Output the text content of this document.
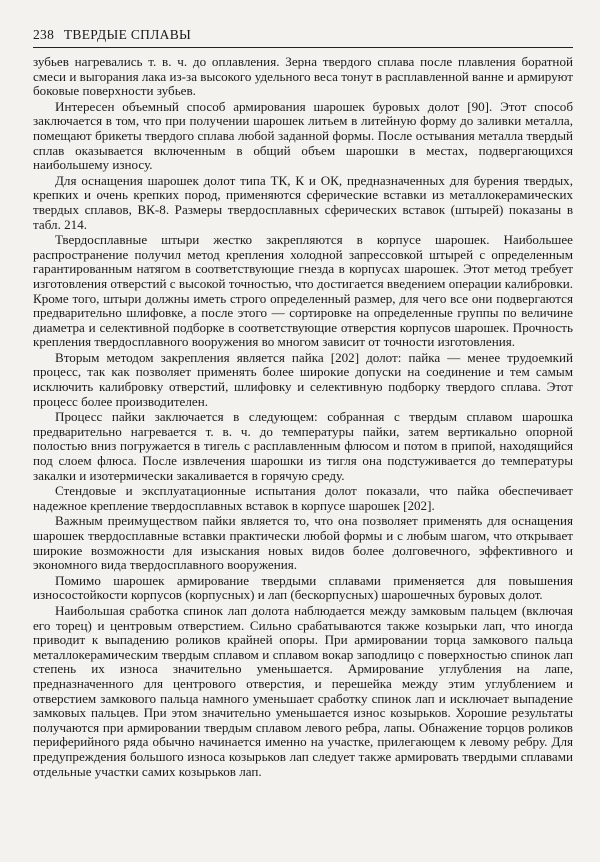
238 ТВЕРДЫЕ СПЛАВЫ

зубьев нагревались т. в. ч. до оплавления. Зерна твердого сплава после плавления боратной смеси и выгорания лака из-за высокого удельного веса тонут в расплавленной ванне и армируют боковые поверхности зубьев.

Интересен объемный способ армирования шарошек буровых долот [90]. Этот способ заключается в том, что при получении шарошек литьем в литейную форму до заливки металла, помещают брикеты твердого сплава любой заданной формы. После остывания металла твердый сплав оказывается включенным в общий объем шарошки в местах, подвергающихся наибольшему износу.

Для оснащения шарошек долот типа ТК, К и ОК, предназначенных для бурения твердых, крепких и очень крепких пород, применяются сферические вставки из металлокерамических твердых сплавов, ВК-8. Размеры твердосплавных сферических вставок (штырей) показаны в табл. 214.

Твердосплавные штыри жестко закрепляются в корпусе шарошек. Наибольшее распространение получил метод крепления холодной запрессовкой штырей с определенным гарантированным натягом в соответствующие гнезда в корпусах шарошек. Этот метод требует изготовления отверстий с высокой точностью, что достигается введением операции калибровки. Кроме того, штыри должны иметь строго определенный размер, для чего все они подвергаются предварительно шлифовке, а после этого — сортировке на определенные группы по величине диаметра и селективной подборке в соответствующие отверстия корпусов шарошек. Прочность крепления твердосплавного вооружения во многом зависит от точности изготовления.

Вторым методом закрепления является пайка [202] долот: пайка — менее трудоемкий процесс, так как позволяет применять более широкие допуски на соединение и тем самым исключить калибровку отверстий, шлифовку и селективную подборку твердого сплава. Этот процесс более производителен.

Процесс пайки заключается в следующем: собранная с твердым сплавом шарошка предварительно нагревается т. в. ч. до температуры пайки, затем вертикально опорной полостью вниз погружается в тигель с расплавленным флюсом и потом в припой, находящийся под слоем флюса. После извлечения шарошки из тигля она подстуживается до температуры закалки и изотермически закаливается в горячую среду.

Стендовые и эксплуатационные испытания долот показали, что пайка обеспечивает надежное крепление твердосплавных вставок в корпусе шарошек [202].

Важным преимуществом пайки является то, что она позволяет применять для оснащения шарошек твердосплавные вставки практически любой формы и с любым шагом, что открывает широкие возможности для изыскания новых видов более долговечного, эффективного и экономного вида твердосплавного вооружения.

Помимо шарошек армирование твердыми сплавами применяется для повышения износостойкости корпусов (корпусных) и лап (бескорпусных) шарошечных буровых долот.

Наибольшая сработка спинок лап долота наблюдается между замковым пальцем (включая его торец) и центровым отверстием. Сильно срабатываются также козырьки лап, что иногда приводит к выпадению роликов крайней опоры. При армировании торца замкового пальца металлокерамическим твердым сплавом и сплавом вокар заподлицо с поверхностью спинок лап степень их износа значительно уменьшается. Армирование углубления на лапе, предназначенного для центрового отверстия, и перешейка между этим углублением и отверстием замкового пальца намного уменьшает сработку спинок лап и исключает выпадение замковых пальцев. При этом значительно уменьшается износ козырьков. Хорошие результаты получаются при армировании твердым сплавом левого ребра, лапы. Обнажение торцов роликов периферийного ряда обычно начинается именно на участке, прилегающем к левому ребру. Для предупреждения большого износа козырьков лап следует также армировать твердыми сплавами отдельные участки самих козырьков лап.
